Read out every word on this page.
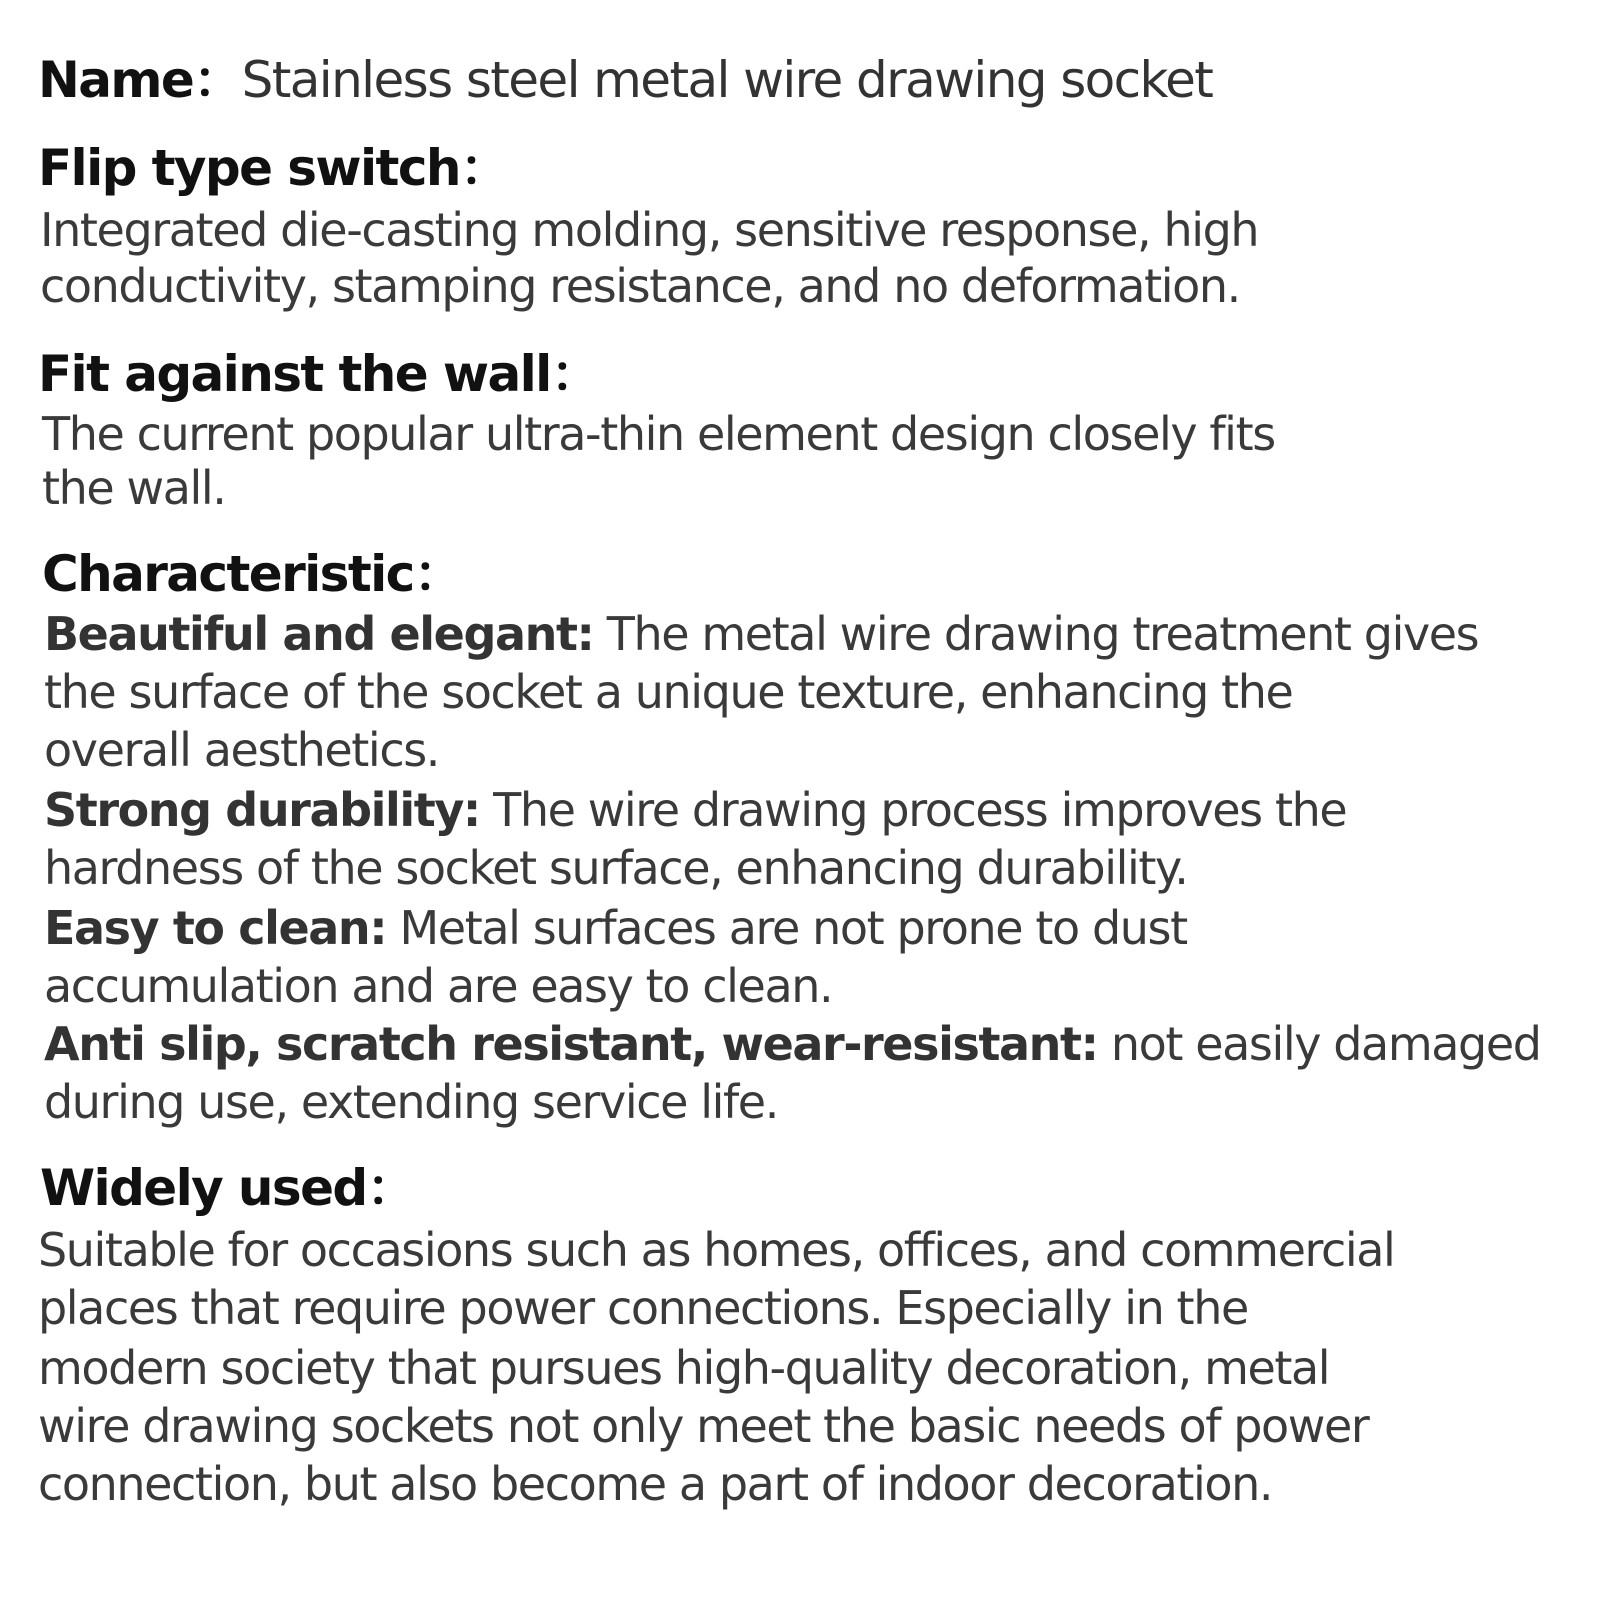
Name：Stainless steel metal wire drawing socket
Flip type switch：
Integrated die-casting molding, sensitive response, high
conductivity, stamping resistance, and no deformation.
Fit against the wall：
The current popular ultra-thin element design closely fits
the wall.
Characteristic：
Beautiful and elegant: The metal wire drawing treatment gives
the surface of the socket a unique texture, enhancing the
overall aesthetics.
Strong durability: The wire drawing process improves the
hardness of the socket surface, enhancing durability.
Easy to clean: Metal surfaces are not prone to dust
accumulation and are easy to clean.
Anti slip, scratch resistant, wear-resistant: not easily damaged
during use, extending service life.
Widely used：
Suitable for occasions such as homes, offices, and commercial
places that require power connections. Especially in the
modern society that pursues high-quality decoration, metal
wire drawing sockets not only meet the basic needs of power
connection, but also become a part of indoor decoration.
